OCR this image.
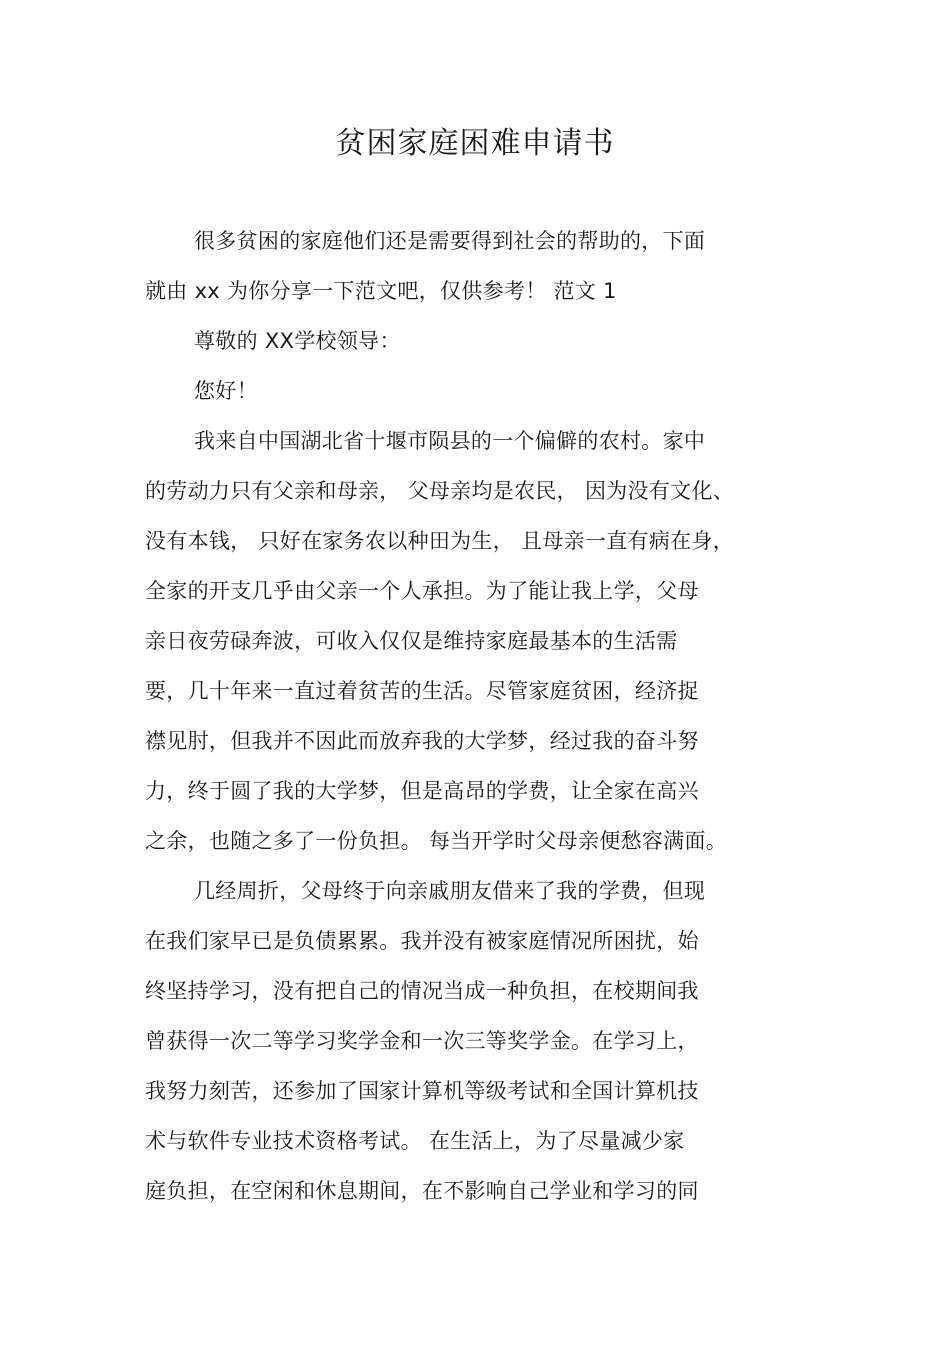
贫困家庭困难申请书
很多贫困的家庭他们还是需要得到社会的帮助的，下面
就由 xx 为你分享一下范文吧，仅供参考！ 范文 1
尊敬的 XX学校领导：
您好！
我来自中国湖北省十堰市陨县的一个偏僻的农村。家中
的劳动力只有父亲和母亲， 父母亲均是农民， 因为没有文化、
没有本钱， 只好在家务农以种田为生， 且母亲一直有病在身，
全家的开支几乎由父亲一个人承担。为了能让我上学，父母
亲日夜劳碌奔波，可收入仅仅是维持家庭最基本的生活需
要，几十年来一直过着贫苦的生活。尽管家庭贫困，经济捉
襟见肘，但我并不因此而放弃我的大学梦，经过我的奋斗努
力，终于圆了我的大学梦，但是高昂的学费，让全家在高兴
之余，也随之多了一份负担。 每当开学时父母亲便愁容满面。
几经周折，父母终于向亲戚朋友借来了我的学费，但现
在我们家早已是负债累累。我并没有被家庭情况所困扰，始
终坚持学习，没有把自己的情况当成一种负担，在校期间我
曾获得一次二等学习奖学金和一次三等奖学金。在学习上，
我努力刻苦，还参加了国家计算机等级考试和全国计算机技
术与软件专业技术资格考试。 在生活上，为了尽量减少家
庭负担，在空闲和休息期间，在不影响自己学业和学习的同
